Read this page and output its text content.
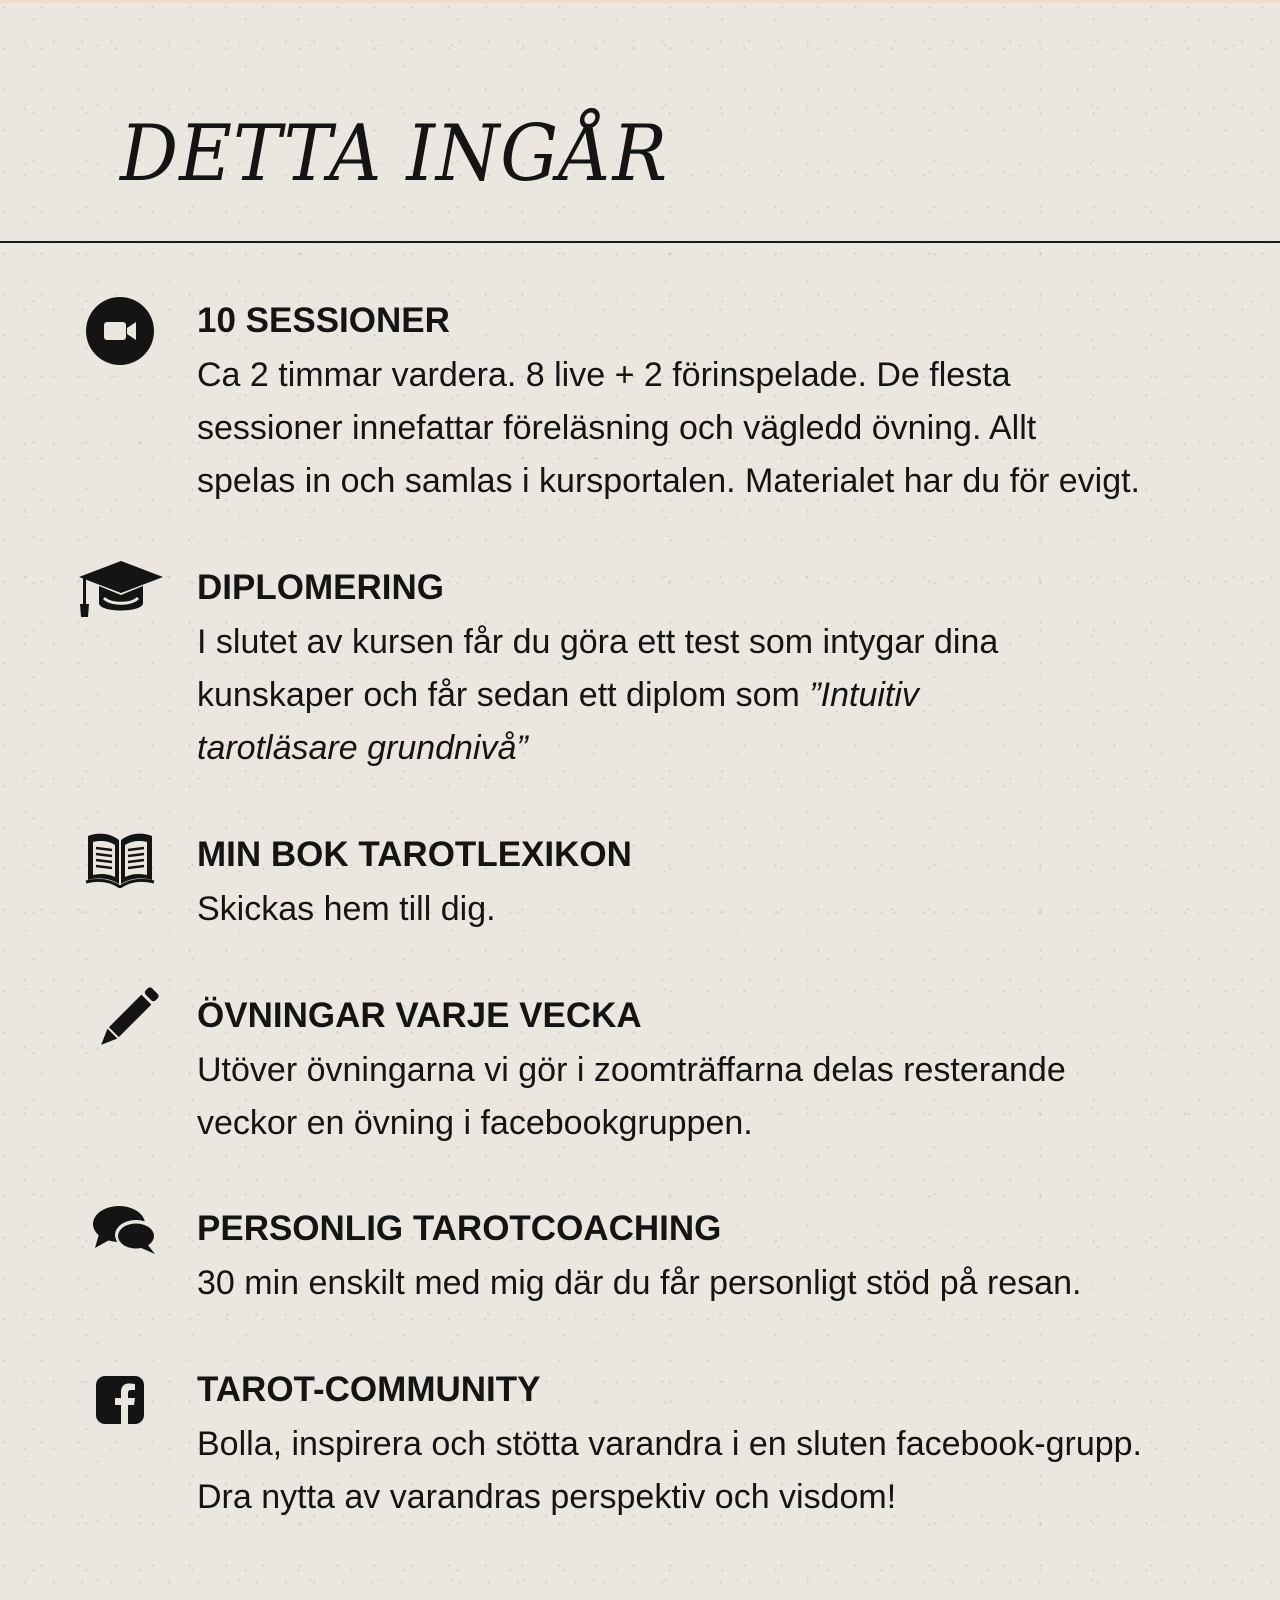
DETTA INGÅR
10 SESSIONER

Ca 2 timmar vardera. 8 live + 2 förinspelade. De flesta
sessioner innefattar föreläsning och vägledd övning. Allt
spelas in och samlas i kursportalen. Materialet har du för evigt.

DIPLOMERING

I slutet av kursen får du göra ett test som intygar dina
kunskaper och får sedan ett diplom som ”Intuitiv
tarotläsare grundnivå”

MIN BOK TAROTLEXIKON

Skickas hem till dig.

ÖVNINGAR VARJE VECKA

Utöver övningarna vi gör i zoomträffarna delas resterande
veckor en övning i facebookgruppen.

PERSONLIG TAROTCOACHING

30 min enskilt med mig där du får personligt stöd på resan.

TAROT-COMMUNITY

Bolla, inspirera och stötta varandra i en sluten facebook-grupp.
Dra nytta av varandras perspektiv och visdom!
